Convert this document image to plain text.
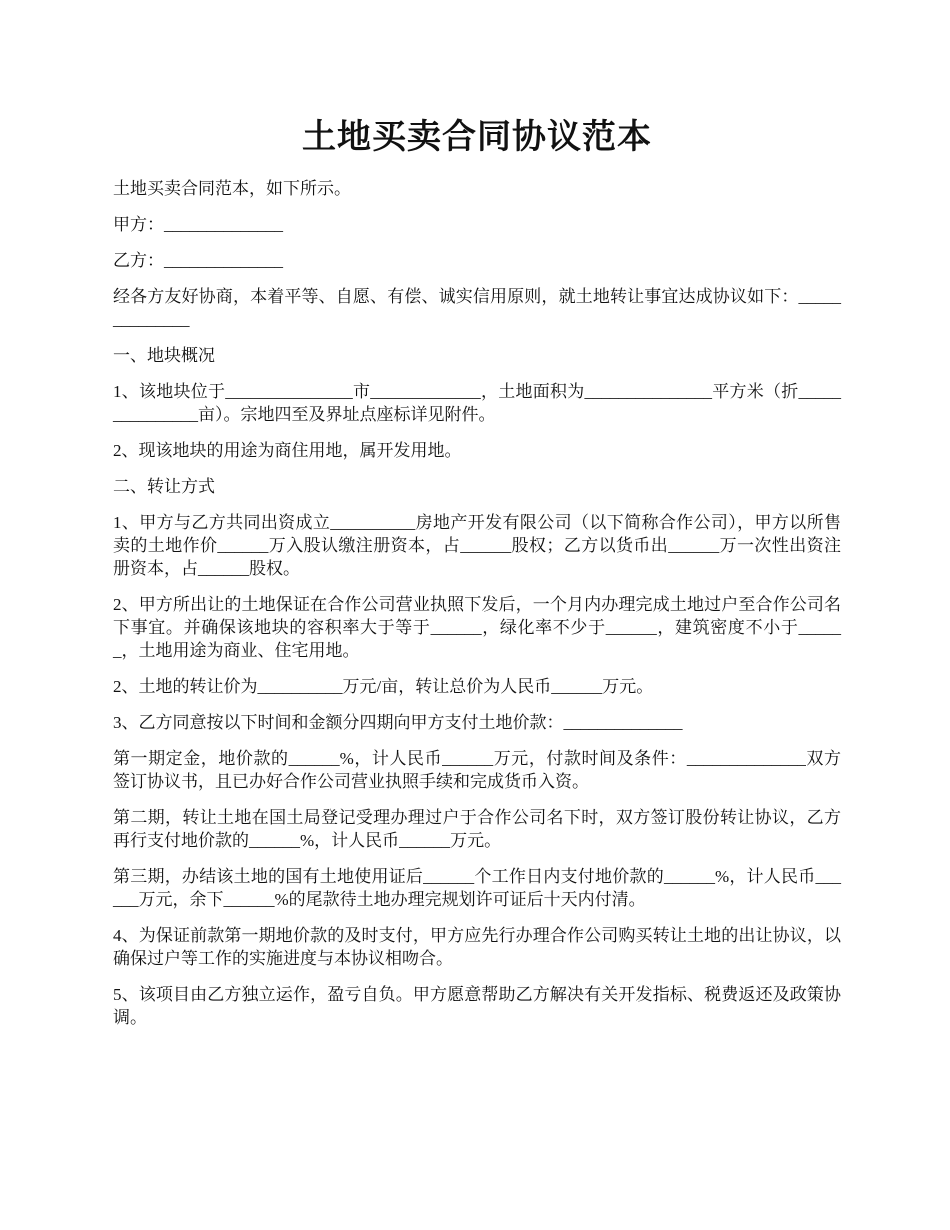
土地买卖合同协议范本

土地买卖合同范本，如下所示。

甲方：______________

乙方：______________

经各方友好协商，本着平等、自愿、有偿、诚实信用原则，就土地转让事宜达成协议如下：______________

一、地块概况

1、该地块位于_______________市_____________，土地面积为_______________平方米（折_______________亩）。宗地四至及界址点座标详见附件。

2、现该地块的用途为商住用地，属开发用地。

二、转让方式

1、甲方与乙方共同出资成立__________房地产开发有限公司（以下简称合作公司），甲方以所售卖的土地作价______万入股认缴注册资本，占______股权；乙方以货币出______万一次性出资注册资本，占______股权。

2、甲方所出让的土地保证在合作公司营业执照下发后，一个月内办理完成土地过户至合作公司名下事宜。并确保该地块的容积率大于等于______，绿化率不少于______，建筑密度不小于______，土地用途为商业、住宅用地。

2、土地的转让价为__________万元/亩，转让总价为人民币______万元。

3、乙方同意按以下时间和金额分四期向甲方支付土地价款：______________

第一期定金，地价款的______%，计人民币______万元，付款时间及条件：______________双方签订协议书，且已办好合作公司营业执照手续和完成货币入资。

第二期，转让土地在国土局登记受理办理过户于合作公司名下时，双方签订股份转让协议，乙方再行支付地价款的______%，计人民币______万元。

第三期，办结该土地的国有土地使用证后______个工作日内支付地价款的______%，计人民币______万元，余下______%的尾款待土地办理完规划许可证后十天内付清。

4、为保证前款第一期地价款的及时支付，甲方应先行办理合作公司购买转让土地的出让协议，以确保过户等工作的实施进度与本协议相吻合。

5、该项目由乙方独立运作，盈亏自负。甲方愿意帮助乙方解决有关开发指标、税费返还及政策协调。
